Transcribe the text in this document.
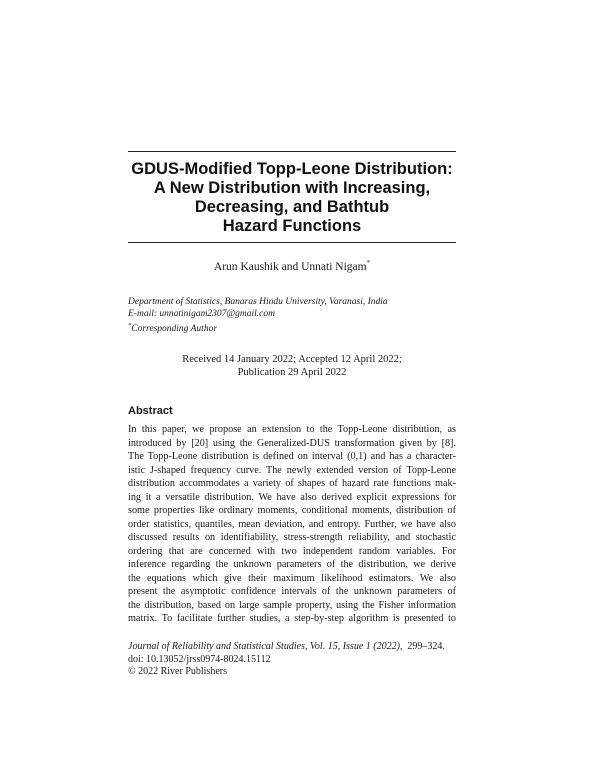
GDUS-Modified Topp-Leone Distribution:
A New Distribution with Increasing,
Decreasing, and Bathtub
Hazard Functions
Arun Kaushik and Unnati Nigam*
Department of Statistics, Banaras Hindu University, Varanasi, India
E-mail: unnatinigam2307@gmail.com
*Corresponding Author
Received 14 January 2022; Accepted 12 April 2022;
Publication 29 April 2022
Abstract
In this paper, we propose an extension to the Topp-Leone distribution, as
introduced by [20] using the Generalized-DUS transformation given by [8].
The Topp-Leone distribution is defined on interval (0,1) and has a character-
istic J-shaped frequency curve. The newly extended version of Topp-Leone
distribution accommodates a variety of shapes of hazard rate functions mak-
ing it a versatile distribution. We have also derived explicit expressions for
some properties like ordinary moments, conditional moments, distribution of
order statistics, quantiles, mean deviation, and entropy. Further, we have also
discussed results on identifiability, stress-strength reliability, and stochastic
ordering that are concerned with two independent random variables. For
inference regarding the unknown parameters of the distribution, we derive
the equations which give their maximum likelihood estimators. We also
present the asymptotic confidence intervals of the unknown parameters of
the distribution, based on large sample property, using the Fisher information
matrix. To facilitate further studies, a step-by-step algorithm is presented to
Journal of Reliability and Statistical Studies, Vol. 15, Issue 1 (2022), 299–324.
doi: 10.13052/jrss0974-8024.15112
© 2022 River Publishers
